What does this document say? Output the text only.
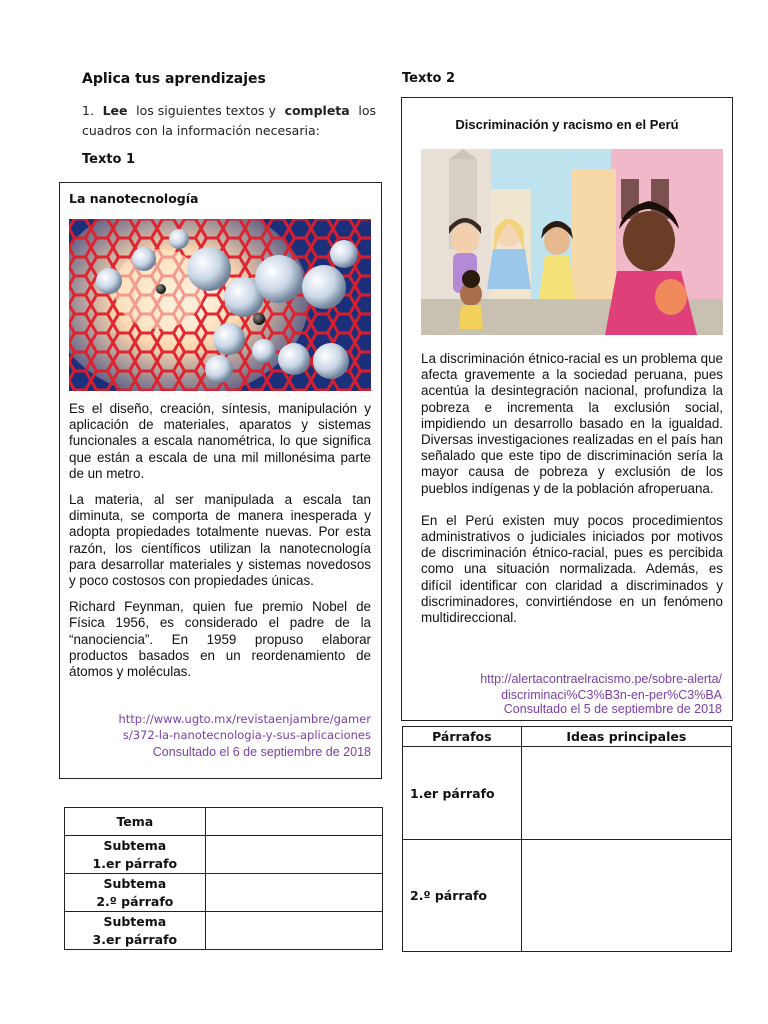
Aplica tus aprendizajes
1. Lee los siguientes textos y completa los
cuadros con la información necesaria:
Texto 1
La nanotecnología

Es el diseño, creación, síntesis, manipulación y aplicación de materiales, aparatos y sistemas funcionales a escala nanométrica, lo que significa que están a escala de una mil millonésima parte de un metro.

La materia, al ser manipulada a escala tan diminuta, se comporta de manera inesperada y adopta propiedades totalmente nuevas. Por esta razón, los científicos utilizan la nanotecnología para desarrollar materiales y sistemas novedosos y poco costosos con propiedades únicas.

Richard Feynman, quien fue premio Nobel de Física 1956, es considerado el padre de la “nanociencia”. En 1959 propuso elaborar productos basados en un reordenamiento de átomos y moléculas.

http://www.ugto.mx/revistaenjambre/gamer
s/372-la-nanotecnologia-y-sus-aplicaciones
Consultado el 6 de septiembre de 2018
Tema	

Subtema
1.er párrafo	

Subtema
2.º párrafo	

Subtema
3.er párrafo	

Texto 2
Discriminación y racismo en el Perú

La discriminación étnico-racial es un problema que afecta gravemente a la sociedad peruana, pues acentúa la desintegración nacional, profundiza la pobreza e incrementa la exclusión social, impidiendo un desarrollo basado en la igualdad. Diversas investigaciones realizadas en el país han señalado que este tipo de discriminación sería la mayor causa de pobreza y exclusión de los pueblos indígenas y de la población afroperuana.

En el Perú existen muy pocos procedimientos administrativos o judiciales iniciados por motivos de discriminación étnico-racial, pues es percibida como una situación normalizada. Además, es difícil identificar con claridad a discriminados y discriminadores, convirtiéndose en un fenómeno multidireccional.

http://alertacontraelracismo.pe/sobre-alerta/
discriminaci%C3%B3n-en-per%C3%BA
Consultado el 5 de septiembre de 2018
Párrafos	Ideas principales
1.er párrafo	
2.º párrafo	
